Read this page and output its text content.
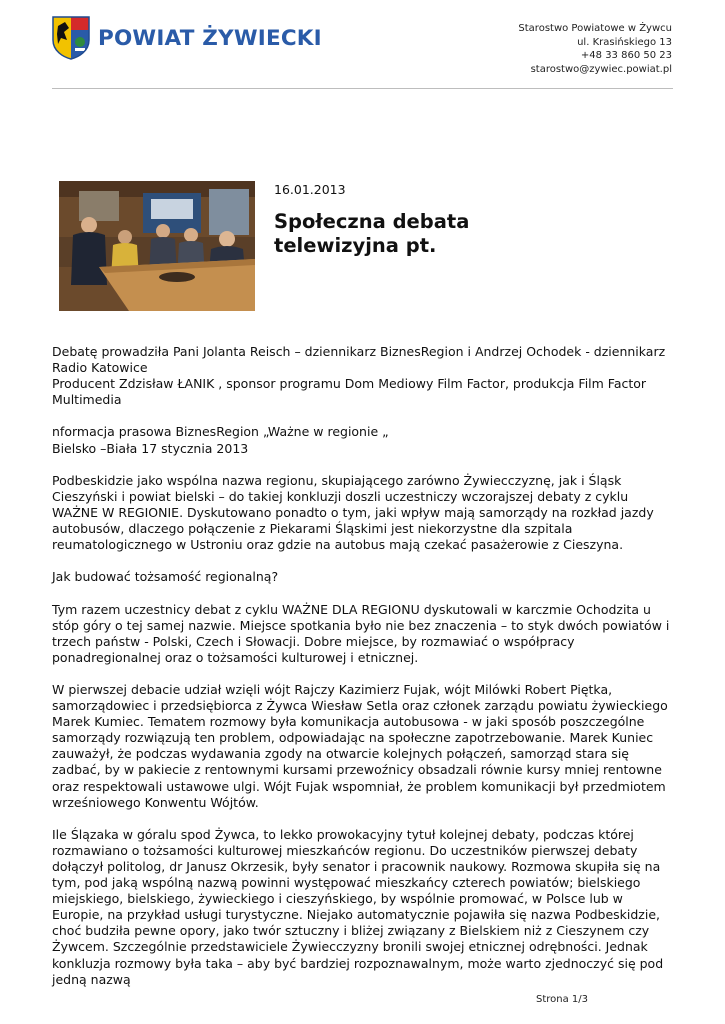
POWIAT ŻYWIECKI	Starostwo Powiatowe w Żywcu
ul. Krasińskiego 13
+48 33 860 50 23
starostwo@zywiec.powiat.pl
16.01.2013
Społeczna debata telewizyjna pt.

Debatę prowadziła Pani Jolanta Reisch – dziennikarz BiznesRegion i Andrzej Ochodek - dziennikarz Radio Katowice
Producent Zdzisław ŁANIK , sponsor programu Dom Mediowy Film Factor, produkcja Film Factor Multimedia

nformacja prasowa BiznesRegion „Ważne w regionie „
Bielsko –Biała 17 stycznia 2013

Podbeskidzie jako wspólna nazwa regionu, skupiającego zarówno Żywiecczyznę, jak i Śląsk Cieszyński i powiat bielski – do takiej konkluzji doszli uczestniczy wczorajszej debaty z cyklu WAŻNE W REGIONIE. Dyskutowano ponadto o tym, jaki wpływ mają samorządy na rozkład jazdy autobusów, dlaczego połączenie z Piekarami Śląskimi jest niekorzystne dla szpitala reumatologicznego w Ustroniu oraz gdzie na autobus mają czekać pasażerowie z Cieszyna.

Jak budować tożsamość regionalną?

Tym razem uczestnicy debat z cyklu WAŻNE DLA REGIONU dyskutowali w karczmie Ochodzita u stóp góry o tej samej nazwie. Miejsce spotkania było nie bez znaczenia – to styk dwóch powiatów i trzech państw - Polski, Czech i Słowacji. Dobre miejsce, by rozmawiać o współpracy ponadregionalnej oraz o tożsamości kulturowej i etnicznej.

W pierwszej debacie udział wzięli wójt Rajczy Kazimierz Fujak, wójt Milówki Robert Piętka, samorządowiec i przedsiębiorca z Żywca Wiesław Setla oraz członek zarządu powiatu żywieckiego Marek Kumiec. Tematem rozmowy była komunikacja autobusowa - w jaki sposób poszczególne samorządy rozwiązują ten problem, odpowiadając na społeczne zapotrzebowanie. Marek Kuniec zauważył, że podczas wydawania zgody na otwarcie kolejnych połączeń, samorząd stara się zadbać, by w pakiecie z rentownymi kursami przewoźnicy obsadzali równie kursy mniej rentowne oraz respektowali ustawowe ulgi. Wójt Fujak wspomniał, że problem komunikacji był przedmiotem wrześniowego Konwentu Wójtów.

Ile Ślązaka w góralu spod Żywca, to lekko prowokacyjny tytuł kolejnej debaty, podczas której rozmawiano o tożsamości kulturowej mieszkańców regionu. Do uczestników pierwszej debaty dołączył politolog, dr Janusz Okrzesik, były senator i pracownik naukowy. Rozmowa skupiła się na tym, pod jaką wspólną nazwą powinni występować mieszkańcy czterech powiatów; bielskiego miejskiego, bielskiego, żywieckiego i cieszyńskiego, by wspólnie promować, w Polsce lub w Europie, na przykład usługi turystyczne. Niejako automatycznie pojawiła się nazwa Podbeskidzie, choć budziła pewne opory, jako twór sztuczny i bliżej związany z Bielskiem niż z Cieszynem czy Żywcem. Szczególnie przedstawiciele Żywiecczyzny bronili swojej etnicznej odrębności. Jednak konkluzja rozmowy była taka – aby być bardziej rozpoznawalnym, może warto zjednoczyć się pod jedną nazwą

Strona 1/3
